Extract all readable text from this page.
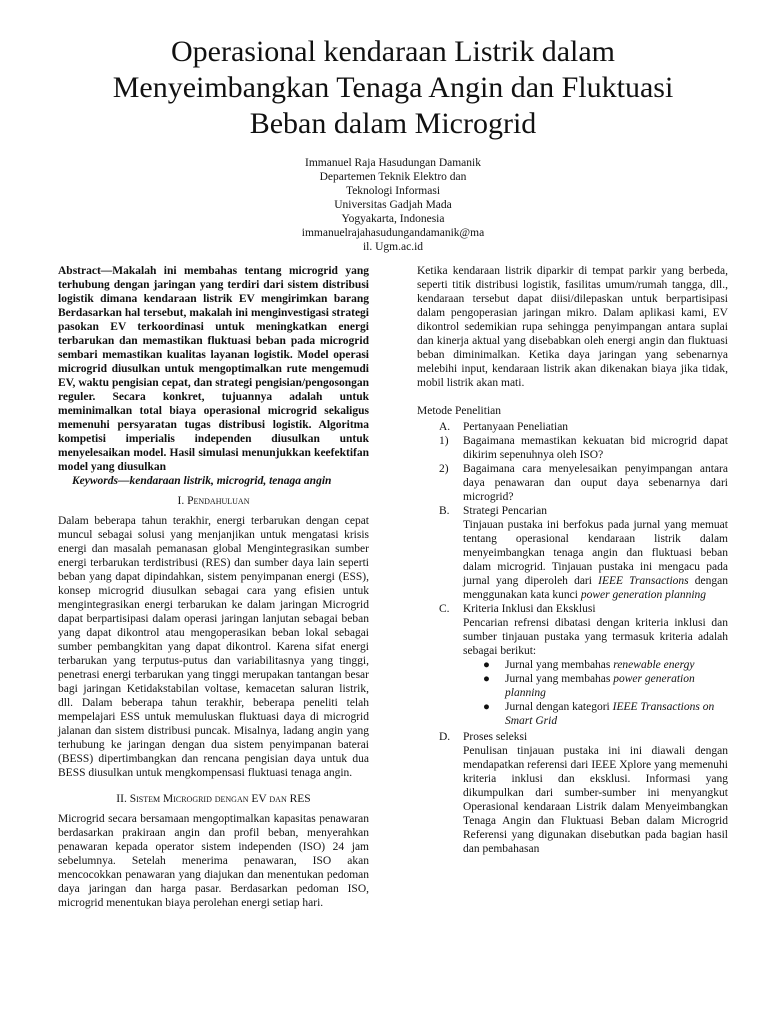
Operasional kendaraan Listrik dalam Menyeimbangkan Tenaga Angin dan Fluktuasi Beban dalam Microgrid
Immanuel Raja Hasudungan Damanik
Departemen Teknik Elektro dan
Teknologi Informasi
Universitas Gadjah Mada
Yogyakarta, Indonesia
immanuelrajahasudungandamanik@ma
il. Ugm.ac.id

Abstract—Makalah ini membahas tentang microgrid yang terhubung dengan jaringan yang terdiri dari sistem distribusi logistik dimana kendaraan listrik EV mengirimkan barang Berdasarkan hal tersebut, makalah ini menginvestigasi strategi pasokan EV terkoordinasi untuk meningkatkan energi terbarukan dan memastikan fluktuasi beban pada microgrid sembari memastikan kualitas layanan logistik. Model operasi microgrid diusulkan untuk mengoptimalkan rute mengemudi EV, waktu pengisian cepat, dan strategi pengisian/pengosongan reguler. Secara konkret, tujuannya adalah untuk meminimalkan total biaya operasional microgrid sekaligus memenuhi persyaratan tugas distribusi logistik. Algoritma kompetisi imperialis independen diusulkan untuk menyelesaikan model. Hasil simulasi menunjukkan keefektifan model yang diusulkan

Keywords—kendaraan listrik, microgrid, tenaga angin

I. Pendahuluan

Dalam beberapa tahun terakhir, energi terbarukan dengan cepat muncul sebagai solusi yang menjanjikan untuk mengatasi krisis energi dan masalah pemanasan global Mengintegrasikan sumber energi terbarukan terdistribusi (RES) dan sumber daya lain seperti beban yang dapat dipindahkan, sistem penyimpanan energi (ESS), konsep microgrid diusulkan sebagai cara yang efisien untuk mengintegrasikan energi terbarukan ke dalam jaringan Microgrid dapat berpartisipasi dalam operasi jaringan lanjutan sebagai beban yang dapat dikontrol atau mengoperasikan beban lokal sebagai sumber pembangkitan yang dapat dikontrol. Karena sifat energi terbarukan yang terputus-putus dan variabilitasnya yang tinggi, penetrasi energi terbarukan yang tinggi merupakan tantangan besar bagi jaringan Ketidakstabilan voltase, kemacetan saluran listrik, dll. Dalam beberapa tahun terakhir, beberapa peneliti telah mempelajari ESS untuk memuluskan fluktuasi daya di microgrid jalanan dan sistem distribusi puncak. Misalnya, ladang angin yang terhubung ke jaringan dengan dua sistem penyimpanan baterai (BESS) dipertimbangkan dan rencana pengisian daya untuk dua BESS diusulkan untuk mengkompensasi fluktuasi tenaga angin.

II. Sistem Microgrid dengan EV dan RES

Microgrid secara bersamaan mengoptimalkan kapasitas penawaran berdasarkan prakiraan angin dan profil beban, menyerahkan penawaran kepada operator sistem independen (ISO) 24 jam sebelumnya. Setelah menerima penawaran, ISO akan mencocokkan penawaran yang diajukan dan menentukan pedoman daya jaringan dan harga pasar. Berdasarkan pedoman ISO, microgrid menentukan biaya perolehan energi setiap hari.

Ketika kendaraan listrik diparkir di tempat parkir yang berbeda, seperti titik distribusi logistik, fasilitas umum/rumah tangga, dll., kendaraan tersebut dapat diisi/dilepaskan untuk berpartisipasi dalam pengoperasian jaringan mikro. Dalam aplikasi kami, EV dikontrol sedemikian rupa sehingga penyimpangan antara suplai dan kinerja aktual yang disebabkan oleh energi angin dan fluktuasi beban diminimalkan. Ketika daya jaringan yang sebenarnya melebihi input, kendaraan listrik akan dikenakan biaya jika tidak, mobil listrik akan mati.

Metode Penelitian

A.	Pertanyaan Peneliatian
1)	Bagaimana memastikan kekuatan bid microgrid dapat dikirim sepenuhnya oleh ISO?
2)	Bagaimana cara menyelesaikan penyimpangan antara daya penawaran dan ouput daya sebenarnya dari microgrid?
B.	Strategi Pencarian

Tinjauan pustaka ini berfokus pada jurnal yang memuat tentang operasional kendaraan listrik dalam menyeimbangkan tenaga angin dan fluktuasi beban dalam microgrid. Tinjauan pustaka ini mengacu pada jurnal yang diperoleh dari IEEE Transactions dengan menggunakan kata kunci power generation planning

C.	Kriteria Inklusi dan Eksklusi

Pencarian refrensi dibatasi dengan kriteria inklusi dan sumber tinjauan pustaka yang termasuk kriteria adalah sebagai berikut:

●	Jurnal yang membahas renewable energy
●	Jurnal yang membahas power generation planning
●	Jurnal dengan kategori IEEE Transactions on Smart Grid
D.	Proses seleksi

Penulisan tinjauan pustaka ini ini diawali dengan mendapatkan referensi dari IEEE Xplore yang memenuhi kriteria inklusi dan eksklusi. Informasi yang dikumpulkan dari sumber-sumber ini menyangkut Operasional kendaraan Listrik dalam Menyeimbangkan Tenaga Angin dan Fluktuasi Beban dalam Microgrid Referensi yang digunakan disebutkan pada bagian hasil dan pembahasan
